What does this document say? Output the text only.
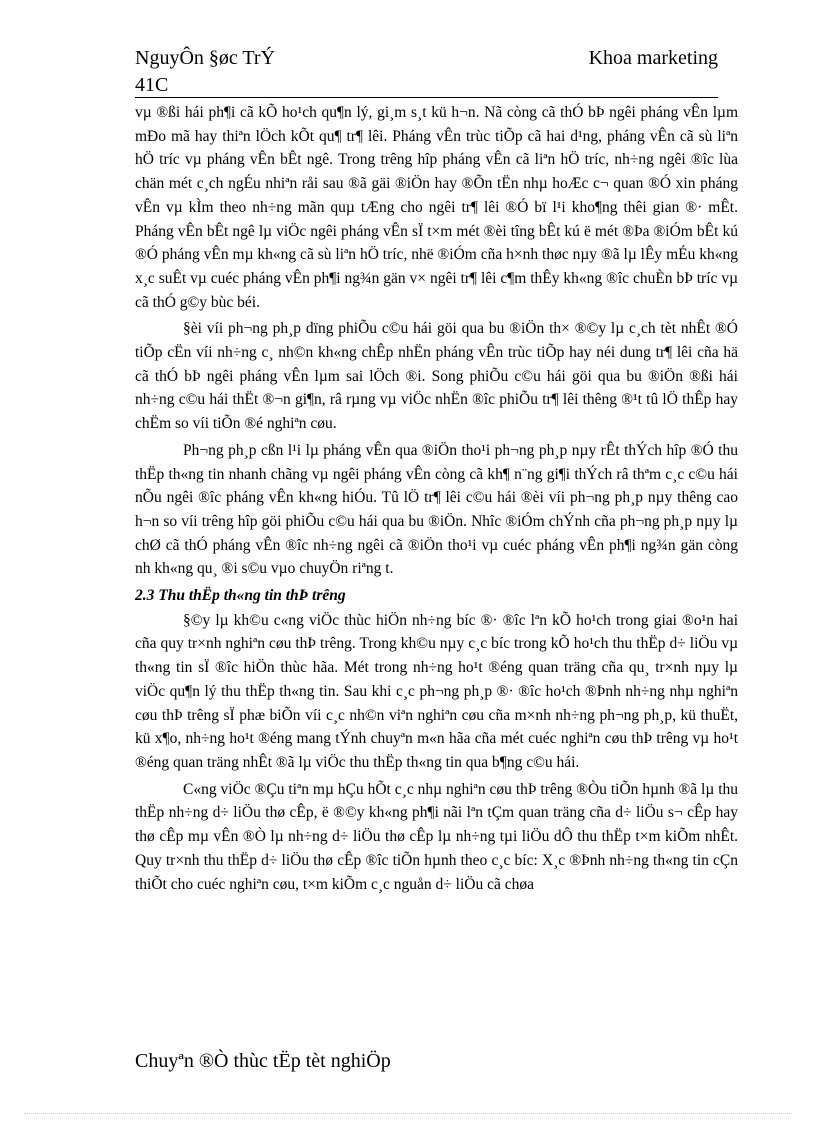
NguyÔn §øc TrÝ	Khoa marketing
41C

vµ ®ßi hái ph¶i cã kÕ ho¹ch qu¶n lý, gi¸m s¸t kü h¬n. Nã còng cã thÓ bÞ ngêi pháng vÊn lµm mÐo mã hay thiªn lÖch kÕt qu¶ tr¶ lêi. Pháng vÊn trùc tiÕp cã hai d¹ng, pháng vÊn cã sù liªn hÖ tríc vµ pháng vÊn bÊt ngê. Trong trêng hîp pháng vÊn cã liªn hÖ tríc, nh÷ng ngêi ®îc lùa chän mét c¸ch ngÉu nhiªn råi sau ®ã gäi ®iÖn hay ®Õn tËn nhµ hoÆc c¬ quan ®Ó xin pháng vÊn vµ kÌm theo nh÷ng mãn quµ tÆng cho ngêi tr¶ lêi ®Ó bï l¹i kho¶ng thêi gian ®· mÊt. Pháng vÊn bÊt ngê lµ viÖc ngêi pháng vÊn sÏ t×m mét ®èi tîng bÊt kú ë mét ®Þa ®iÓm bÊt kú ®Ó pháng vÊn mµ kh«ng cã sù liªn hÖ tríc, nhë ®iÓm cña h×nh thøc nµy ®ã lµ lÊy mÉu kh«ng x¸c suÊt vµ cuéc pháng vÊn ph¶i ng¾n gän v× ngêi tr¶ lêi c¶m thÊy kh«ng ®îc chuÈn bÞ tríc vµ cã thÓ g©y bùc béi.

§èi víi ph¬ng ph¸p dïng phiÕu c©u hái göi qua bu ®iÖn th× ®©y lµ c¸ch tèt nhÊt ®Ó tiÕp cËn víi nh÷ng c¸ nh©n kh«ng chÊp nhËn pháng vÊn trùc tiÕp hay néi dung tr¶ lêi cña hä cã thÓ bÞ ngêi pháng vÊn lµm sai lÖch ®i. Song phiÕu c©u hái göi qua bu ®iÖn ®ßi hái nh÷ng c©u hái thËt ®¬n gi¶n, râ rµng vµ viÖc nhËn ®îc phiÕu tr¶ lêi thêng ®¹t tû lÖ thÊp hay chËm so víi tiÕn ®é nghiªn cøu.

Ph¬ng ph¸p cßn l¹i lµ pháng vÊn qua ®iÖn tho¹i ph¬ng ph¸p nµy rÊt thÝch hîp ®Ó thu thËp th«ng tin nhanh chãng vµ ngêi pháng vÊn còng cã kh¶ n¨ng gi¶i thÝch râ thªm c¸c c©u hái nÕu ngêi ®îc pháng vÊn kh«ng hiÓu. Tû lÖ tr¶ lêi c©u hái ®èi víi ph¬ng ph¸p nµy thêng cao h¬n so víi trêng hîp göi phiÕu c©u hái qua bu ®iÖn. Nhîc ®iÓm chÝnh cña ph¬ng ph¸p nµy lµ chØ cã thÓ pháng vÊn ®îc nh÷ng ngêi cã ®iÖn tho¹i vµ cuéc pháng vÊn ph¶i ng¾n gän còng nh kh«ng qu¸ ®i s©u vµo chuyÖn riªng t.

2.3 Thu thËp th«ng tin thÞ trêng

§©y lµ kh©u c«ng viÖc thùc hiÖn nh÷ng bíc ®· ®îc lªn kÕ ho¹ch trong giai ®o¹n hai cña quy tr×nh nghiªn cøu thÞ trêng. Trong kh©u nµy c¸c bíc trong kÕ ho¹ch thu thËp d÷ liÖu vµ th«ng tin sÏ ®îc hiÖn thùc hãa. Mét trong nh÷ng ho¹t ®éng quan träng cña qu¸ tr×nh nµy lµ viÖc qu¶n lý thu thËp th«ng tin. Sau khi c¸c ph¬ng ph¸p ®· ®îc ho¹ch ®Þnh nh÷ng nhµ nghiªn cøu thÞ trêng sÏ phæ biÕn víi c¸c nh©n viªn nghiªn cøu cña m×nh nh÷ng ph¬ng ph¸p, kü thuËt, kü x¶o, nh÷ng ho¹t ®éng mang tÝnh chuyªn m«n hãa cña mét cuéc nghiªn cøu thÞ trêng vµ ho¹t ®éng quan träng nhÊt ®ã lµ viÖc thu thËp th«ng tin qua b¶ng c©u hái.

C«ng viÖc ®Çu tiªn mµ hÇu hÕt c¸c nhµ nghiªn cøu thÞ trêng ®Òu tiÕn hµnh ®ã lµ thu thËp nh÷ng d÷ liÖu thø cÊp, ë ®©y kh«ng ph¶i nãi lªn tÇm quan träng cña d÷ liÖu s¬ cÊp hay thø cÊp mµ vÊn ®Ò lµ nh÷ng d÷ liÖu thø cÊp lµ nh÷ng tµi liÖu dÔ thu thËp t×m kiÕm nhÊt. Quy tr×nh thu thËp d÷ liÖu thø cÊp ®îc tiÕn hµnh theo c¸c bíc: X¸c ®Þnh nh÷ng th«ng tin cÇn thiÕt cho cuéc nghiªn cøu, t×m kiÕm c¸c nguån d÷ liÖu cã chøa

Chuyªn ®Ò thùc tËp tèt nghiÖp
